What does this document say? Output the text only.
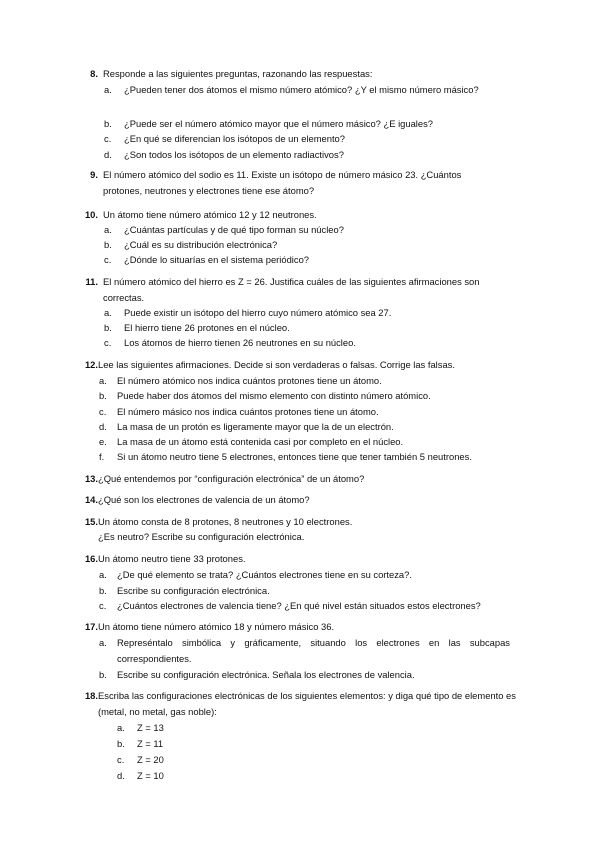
8. Responde a las siguientes preguntas, razonando las respuestas:
a.	¿Pueden tener dos átomos el mismo número atómico? ¿Y el mismo número másico?
b.	¿Puede ser el número atómico mayor que el número másico? ¿E iguales?
c.	¿En qué se diferencian los isótopos de un elemento?
d.	¿Son todos los isótopos de un elemento radiactivos?
9. El número atómico del sodio es 11. Existe un isótopo de número másico 23. ¿Cuántos protones, neutrones y electrones tiene ese átomo?
10. Un átomo tiene número atómico 12 y 12 neutrones.
a.	¿Cuántas partículas y de qué tipo forman su núcleo?
b.	¿Cuál es su distribución electrónica?
c.	¿Dónde lo situarías en el sistema periódico?
11. El número atómico del hierro es Z = 26. Justifica cuáles de las siguientes afirmaciones son correctas.
a.	Puede existir un isótopo del hierro cuyo número atómico sea 27.
b.	El hierro tiene 26 protones en el núcleo.
c.	Los átomos de hierro tienen 26 neutrones en su núcleo.
12. Lee las siguientes afirmaciones. Decide si son verdaderas o falsas. Corrige las falsas.
a.	El número atómico nos indica cuántos protones tiene un átomo.
b.	Puede haber dos átomos del mismo elemento con distinto número atómico.
c.	El número másico nos indica cuántos protones tiene un átomo.
d.	La masa de un protón es ligeramente mayor que la de un electrón.
e.	La masa de un átomo está contenida casi por completo en el núcleo.
f.	Si un átomo neutro tiene 5 electrones, entonces tiene que tener también 5 neutrones.
13. ¿Qué entendemos por “configuración electrónica” de un átomo?
14. ¿Qué son los electrones de valencia de un átomo?
15. Un átomo consta de 8 protones, 8 neutrones y 10 electrones.
¿Es neutro? Escribe su configuración electrónica.
16. Un átomo neutro tiene 33 protones.
a.	¿De qué elemento se trata? ¿Cuántos electrones tiene en su corteza?.
b.	Escribe su configuración electrónica.
c.	¿Cuántos electrones de valencia tiene? ¿En qué nivel están situados estos electrones?
17. Un átomo tiene número atómico 18 y número másico 36.
a.	Represéntalo simbólica y gráficamente, situando los electrones en las subcapas correspondientes.
b.	Escribe su configuración electrónica. Señala los electrones de valencia.
18. Escriba las configuraciones electrónicas de los siguientes elementos: y diga qué tipo de elemento es (metal, no metal, gas noble):
a.	Z = 13
b.	Z = 11
c.	Z = 20
d.	Z = 10
